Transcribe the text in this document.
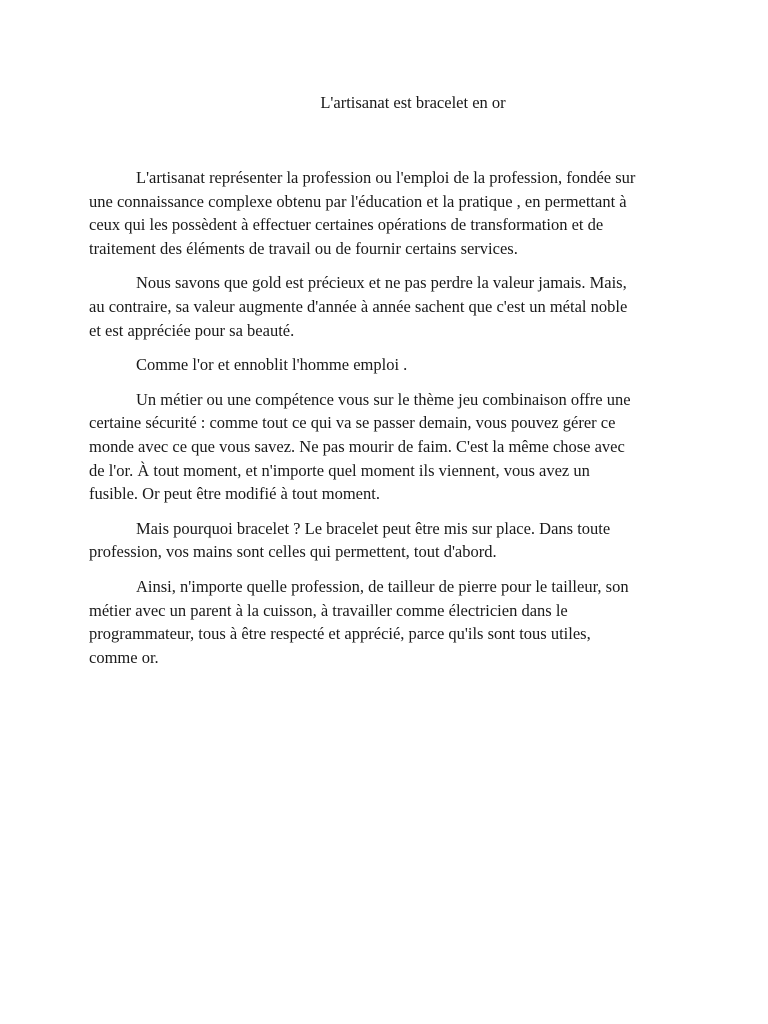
L'artisanat est bracelet en or

L'artisanat représenter la profession ou l'emploi de la profession, fondée sur
une connaissance complexe obtenu par l'éducation et la pratique , en permettant à
ceux qui les possèdent à effectuer certaines opérations de transformation et de
traitement des éléments de travail ou de fournir certains services.

Nous savons que gold est précieux et ne pas perdre la valeur jamais. Mais,
au contraire, sa valeur augmente d'année à année sachent que c'est un métal noble
et est appréciée pour sa beauté.

Comme l'or et ennoblit l'homme emploi .

Un métier ou une compétence vous sur le thème jeu combinaison offre une
certaine sécurité : comme tout ce qui va se passer demain, vous pouvez gérer ce
monde avec ce que vous savez. Ne pas mourir de faim. C'est la même chose avec
de l'or. À tout moment, et n'importe quel moment ils viennent, vous avez un
fusible. Or peut être modifié à tout moment.

Mais pourquoi bracelet ? Le bracelet peut être mis sur place. Dans toute
profession, vos mains sont celles qui permettent, tout d'abord.

Ainsi, n'importe quelle profession, de tailleur de pierre pour le tailleur, son
métier avec un parent à la cuisson, à travailler comme électricien dans le
programmateur, tous à être respecté et apprécié, parce qu'ils sont tous utiles,
comme or.
